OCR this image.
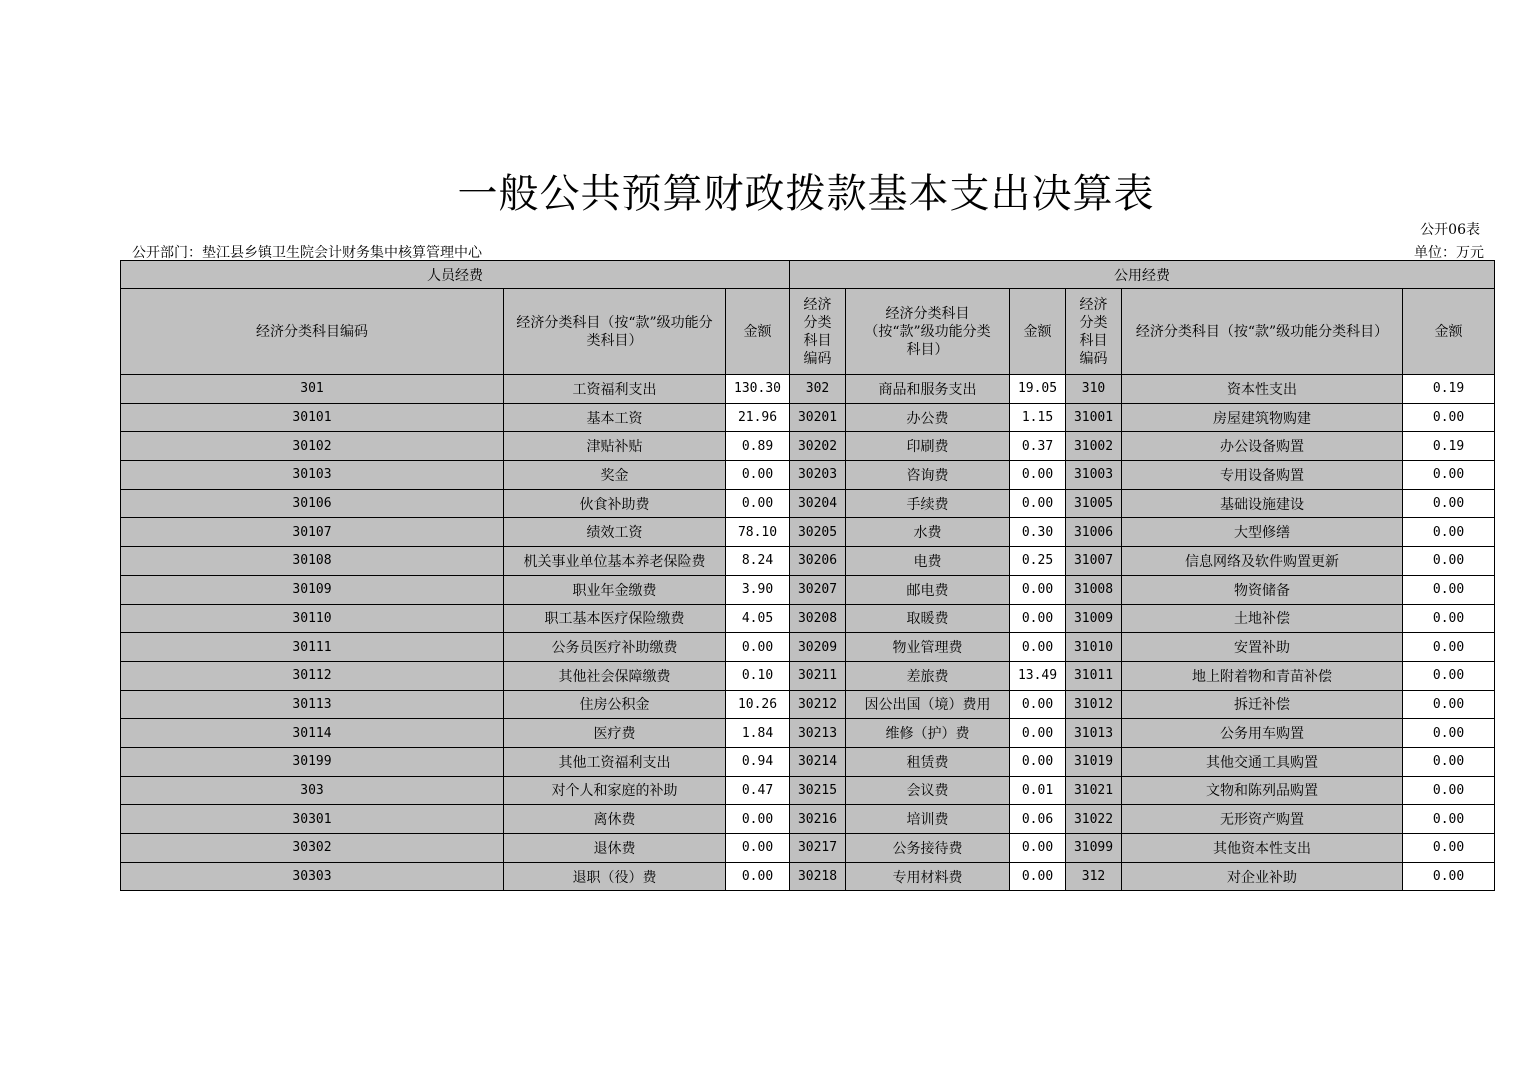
一般公共预算财政拨款基本支出决算表
公开06表
公开部门：垫江县乡镇卫生院会计财务集中核算管理中心	单位：万元
人员经费			公用经费					
经济分类科目编码	经济分类科目（按“款”级功能分类科目）	金额	经济分类科目编码	经济分类科目（按“款”级功能分类科目）	金额	经济分类科目编码	经济分类科目（按“款”级功能分类科目）	金额
301	工资福利支出	130.30	302	商品和服务支出	19.05	310	资本性支出	0.19
30101	基本工资	21.96	30201	办公费	1.15	31001	房屋建筑物购建	0.00
30102	津贴补贴	0.89	30202	印刷费	0.37	31002	办公设备购置	0.19
30103	奖金	0.00	30203	咨询费	0.00	31003	专用设备购置	0.00
30106	伙食补助费	0.00	30204	手续费	0.00	31005	基础设施建设	0.00
30107	绩效工资	78.10	30205	水费	0.30	31006	大型修缮	0.00
30108	机关事业单位基本养老保险费	8.24	30206	电费	0.25	31007	信息网络及软件购置更新	0.00
30109	职业年金缴费	3.90	30207	邮电费	0.00	31008	物资储备	0.00
30110	职工基本医疗保险缴费	4.05	30208	取暖费	0.00	31009	土地补偿	0.00
30111	公务员医疗补助缴费	0.00	30209	物业管理费	0.00	31010	安置补助	0.00
30112	其他社会保障缴费	0.10	30211	差旅费	13.49	31011	地上附着物和青苗补偿	0.00
30113	住房公积金	10.26	30212	因公出国（境）费用	0.00	31012	拆迁补偿	0.00
30114	医疗费	1.84	30213	维修（护）费	0.00	31013	公务用车购置	0.00
30199	其他工资福利支出	0.94	30214	租赁费	0.00	31019	其他交通工具购置	0.00
303	对个人和家庭的补助	0.47	30215	会议费	0.01	31021	文物和陈列品购置	0.00
30301	离休费	0.00	30216	培训费	0.06	31022	无形资产购置	0.00
30302	退休费	0.00	30217	公务接待费	0.00	31099	其他资本性支出	0.00
30303	退职（役）费	0.00	30218	专用材料费	0.00	312	对企业补助	0.00
